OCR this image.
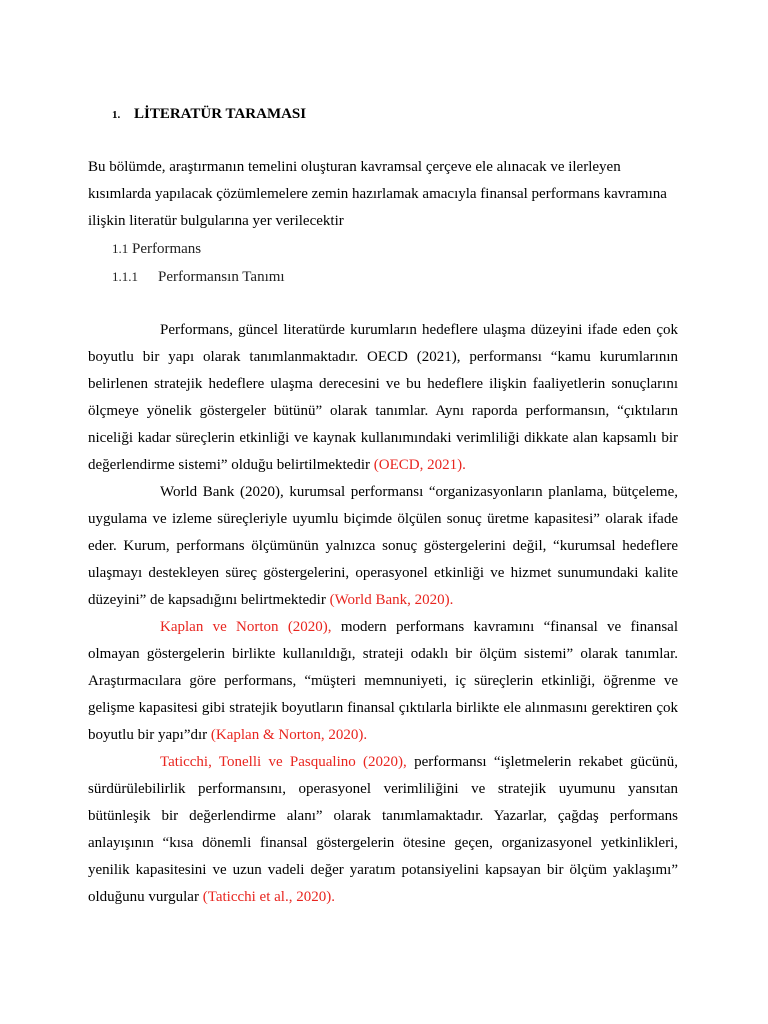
1. LİTERATÜR TARAMASI
Bu bölümde, araştırmanın temelini oluşturan kavramsal çerçeve ele alınacak ve ilerleyen kısımlarda yapılacak çözümlemelere zemin hazırlamak amacıyla finansal performans kavramına ilişkin literatür bulgularına yer verilecektir
1.1 Performans
1.1.1 Performansın Tanımı

Performans, güncel literatürde kurumların hedeflere ulaşma düzeyini ifade eden çok boyutlu bir yapı olarak tanımlanmaktadır. OECD (2021), performansı “kamu kurumlarının belirlenen stratejik hedeflere ulaşma derecesini ve bu hedeflere ilişkin faaliyetlerin sonuçlarını ölçmeye yönelik göstergeler bütünü” olarak tanımlar. Aynı raporda performansın, “çıktıların niceliği kadar süreçlerin etkinliği ve kaynak kullanımındaki verimliliği dikkate alan kapsamlı bir değerlendirme sistemi” olduğu belirtilmektedir (OECD, 2021).

World Bank (2020), kurumsal performansı “organizasyonların planlama, bütçeleme, uygulama ve izleme süreçleriyle uyumlu biçimde ölçülen sonuç üretme kapasitesi” olarak ifade eder. Kurum, performans ölçümünün yalnızca sonuç göstergelerini değil, “kurumsal hedeflere ulaşmayı destekleyen süreç göstergelerini, operasyonel etkinliği ve hizmet sunumundaki kalite düzeyini” de kapsadığını belirtmektedir (World Bank, 2020).

Kaplan ve Norton (2020), modern performans kavramını “finansal ve finansal olmayan göstergelerin birlikte kullanıldığı, strateji odaklı bir ölçüm sistemi” olarak tanımlar. Araştırmacılara göre performans, “müşteri memnuniyeti, iç süreçlerin etkinliği, öğrenme ve gelişme kapasitesi gibi stratejik boyutların finansal çıktılarla birlikte ele alınmasını gerektiren çok boyutlu bir yapı”dır (Kaplan & Norton, 2020).

Taticchi, Tonelli ve Pasqualino (2020), performansı “işletmelerin rekabet gücünü, sürdürülebilirlik performansını, operasyonel verimliliğini ve stratejik uyumunu yansıtan bütünleşik bir değerlendirme alanı” olarak tanımlamaktadır. Yazarlar, çağdaş performans anlayışının “kısa dönemli finansal göstergelerin ötesine geçen, organizasyonel yetkinlikleri, yenilik kapasitesini ve uzun vadeli değer yaratım potansiyelini kapsayan bir ölçüm yaklaşımı” olduğunu vurgular (Taticchi et al., 2020).
